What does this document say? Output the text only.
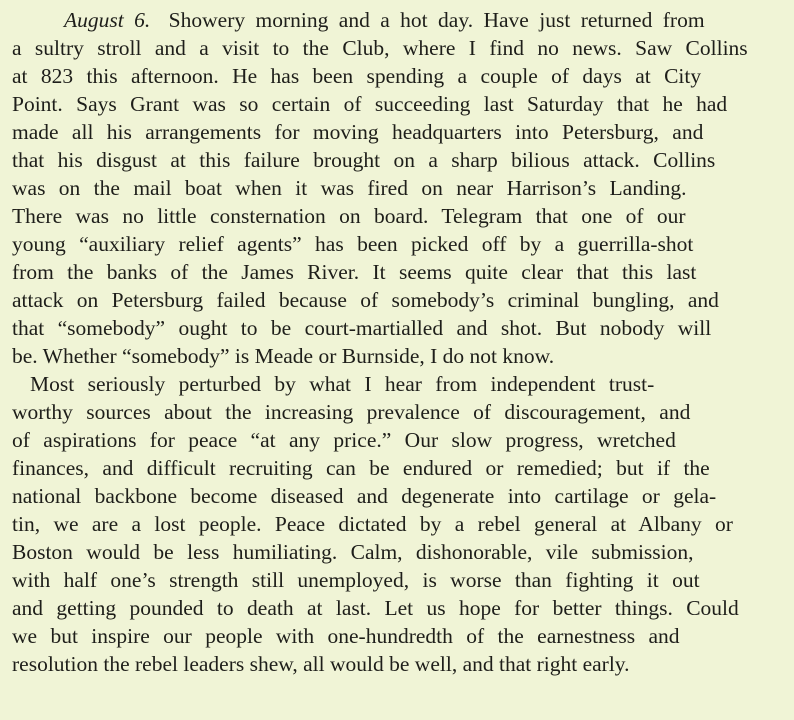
August 6. Showery morning and a hot day. Have just returned from
a sultry stroll and a visit to the Club, where I find no news. Saw Collins
at 823 this afternoon. He has been spending a couple of days at City
Point. Says Grant was so certain of succeeding last Saturday that he had
made all his arrangements for moving headquarters into Petersburg, and
that his disgust at this failure brought on a sharp bilious attack. Collins
was on the mail boat when it was fired on near Harrison’s Landing.
There was no little consternation on board. Telegram that one of our
young “auxiliary relief agents” has been picked off by a guerrilla-shot
from the banks of the James River. It seems quite clear that this last
attack on Petersburg failed because of somebody’s criminal bungling, and
that “somebody” ought to be court-martialled and shot. But nobody will
be. Whether “somebody” is Meade or Burnside, I do not know.
Most seriously perturbed by what I hear from independent trust-
worthy sources about the increasing prevalence of discouragement, and
of aspirations for peace “at any price.” Our slow progress, wretched
finances, and difficult recruiting can be endured or remedied; but if the
national backbone become diseased and degenerate into cartilage or gela-
tin, we are a lost people. Peace dictated by a rebel general at Albany or
Boston would be less humiliating. Calm, dishonorable, vile submission,
with half one’s strength still unemployed, is worse than fighting it out
and getting pounded to death at last. Let us hope for better things. Could
we but inspire our people with one-hundredth of the earnestness and
resolution the rebel leaders shew, all would be well, and that right early.
